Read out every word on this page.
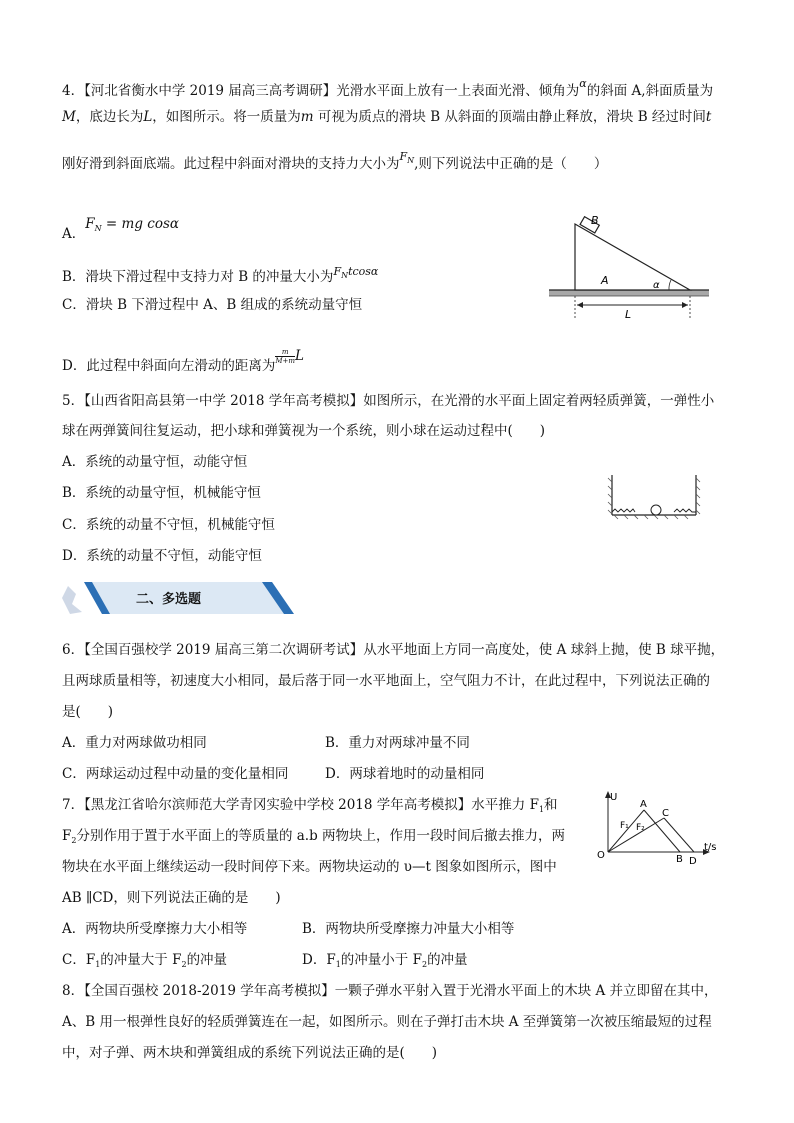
4．【河北省衡水中学 2019 届高三高考调研】光滑水平面上放有一上表面光滑、倾角为$^\alpha$的斜面 A,斜面质量为
M，底边长为L，如图所示。将一质量为m 可视为质点的滑块 B 从斜面的顶端由静止释放，滑块 B 经过时间t
刚好滑到斜面底端。此过程中斜面对滑块的支持力大小为$^{F_N}$,则下列说法中正确的是（　　）
A．$F_N$ = mg cosα
B．滑块下滑过程中支持力对 B 的冲量大小为$^{F_Ntcos\alpha}$
C．滑块 B 下滑过程中 A、B 组成的系统动量守恒
D．此过程中斜面向左滑动的距离为
$\frac{m}{M+m}$ L
B
A	α
L
5．【山西省阳高县第一中学 2018 学年高考模拟】如图所示，在光滑的水平面上固定着两轻质弹簧，一弹性小
球在两弹簧间往复运动，把小球和弹簧视为一个系统，则小球在运动过程中(　　)
A．系统的动量守恒，动能守恒
B．系统的动量守恒，机械能守恒
C．系统的动量不守恒，机械能守恒
D．系统的动量不守恒，动能守恒
二、多选题
6．【全国百强校学 2019 届高三第二次调研考试】从水平地面上方同一高度处，使 A 球斜上抛，使 B 球平抛，
且两球质量相等，初速度大小相同，最后落于同一水平地面上，空气阻力不计，在此过程中，下列说法正确的
是(　　)
A．重力对两球做功相同	B．重力对两球冲量不同
C．两球运动过程中动量的变化量相同	D．两球着地时的动量相同
7．【黑龙江省哈尔滨师范大学青冈实验中学校 2018 学年高考模拟】水平推力 $F_1$和
$F_2$分别作用于置于水平面上的等质量的 a.b 两物块上，作用一段时间后撤去推力，两
物块在水平面上继续运动一段时间停下来。两物块运动的 υ—t 图象如图所示，图中
AB ∥CD，则下列说法正确的是　　)
A．两物块所受摩擦力大小相等	B．两物块所受摩擦力冲量大小相等
C．$F_1$的冲量大于 $F_2$的冲量	D．$F_1$的冲量小于 $F_2$的冲量
U
A
C
F₁ F₂
O	B D
t/s
8．【全国百强校 2018-2019 学年高考模拟】一颗子弹水平射入置于光滑水平面上的木块 A 并立即留在其中，
A、B 用一根弹性良好的轻质弹簧连在一起，如图所示。则在子弹打击木块 A 至弹簧第一次被压缩最短的过程
中，对子弹、两木块和弹簧组成的系统下列说法正确的是(　　)
